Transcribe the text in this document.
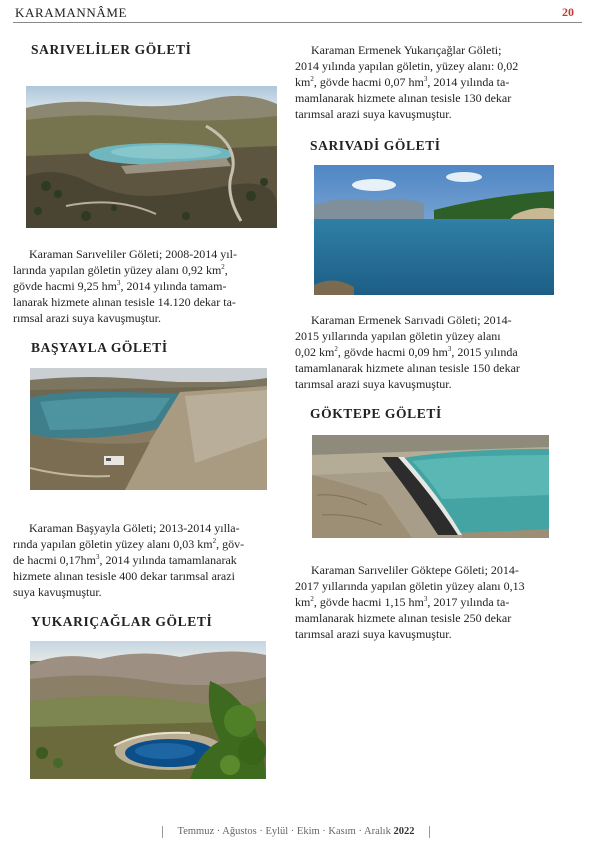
KARAMANNÂME	20
SARIVELİLER GÖLETİ

Karaman Sarıveliler Göleti; 2008-2014 yıl-

larında yapılan göletin yüzey alanı 0,92 $km^2$,

gövde hacmi 9,25 $hm^3$, 2014 yılında tamam-

lanarak hizmete alınan tesisle 14.120 dekar ta-

rımsal arazi suya kavuşmuştur.

BAŞYAYLA GÖLETİ

Karaman Başyayla Göleti; 2013-2014 yılla-

rında yapılan göletin yüzey alanı 0,03 $km^2$, göv-

de hacmi $0,17hm^3$, 2014 yılında tamamlanarak

hizmete alınan tesisle 400 dekar tarımsal arazi

suya kavuşmuştur.

YUKARIÇAĞLAR GÖLETİ

Karaman Ermenek Yukarıçağlar Göleti;

2014 yılında yapılan göletin, yüzey alanı: 0,02

$km^2$, gövde hacmi 0,07 $hm^3$, 2014 yılında ta-

mamlanarak hizmete alınan tesisle 130 dekar

tarımsal arazi suya kavuşmuştur.

SARIVADİ GÖLETİ

Karaman Ermenek Sarıvadi Göleti; 2014-

2015 yıllarında yapılan göletin yüzey alanı

0,02 $km^2$, gövde hacmi 0,09 $hm^3$, 2015 yılında

tamamlanarak hizmete alınan tesisle 150 dekar

tarımsal arazi suya kavuşmuştur.

GÖKTEPE GÖLETİ

Karaman Sarıveliler Göktepe Göleti; 2014-

2017 yıllarında yapılan göletin yüzey alanı 0,13

$km^2$, gövde hacmi 1,15 $hm^3$, 2017 yılında ta-

mamlanarak hizmete alınan tesisle 250 dekar

tarımsal arazi suya kavuşmuştur.

Temmuz · Ağustos · Eylül · Ekim · Kasım · Aralık 2022
